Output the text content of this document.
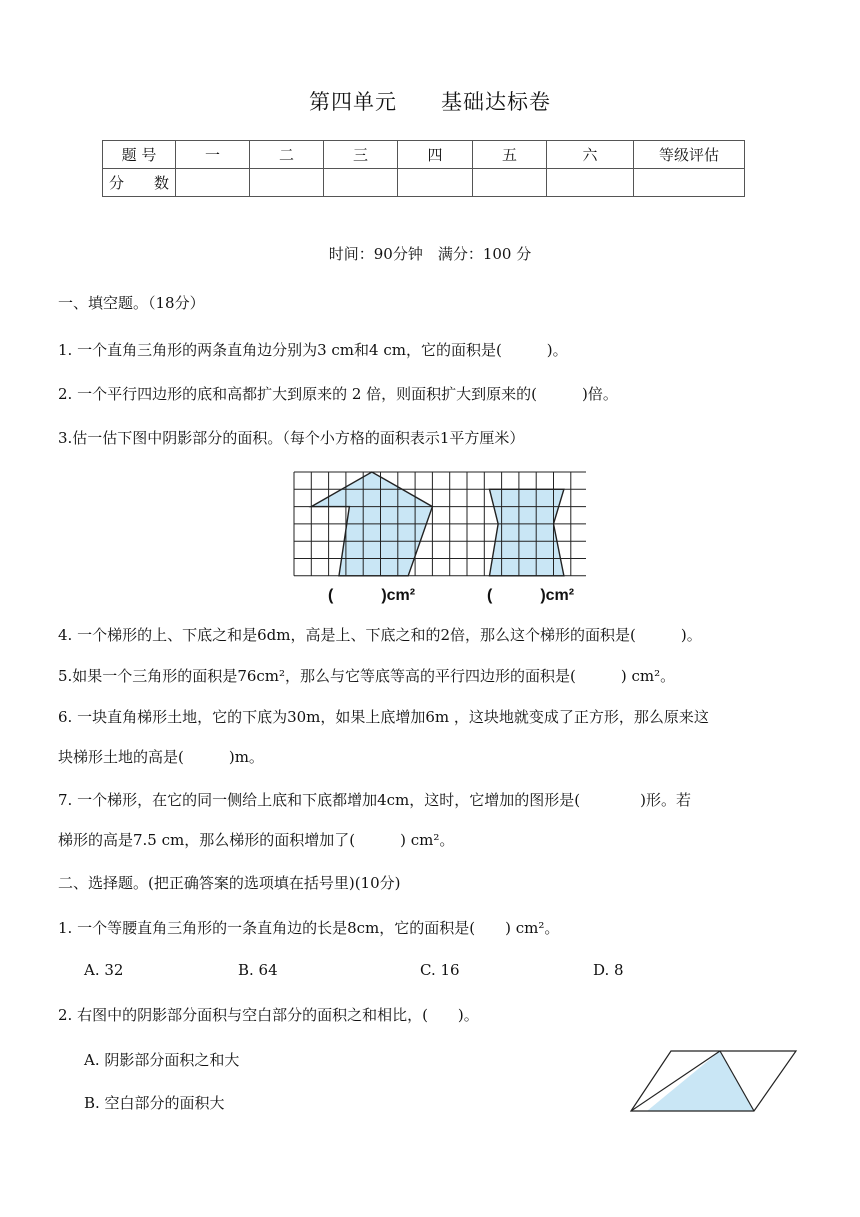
第四单元　　基础达标卷
题 号	一	二	三	四	五	六	等级评估
分　　数							
时间：90分钟　满分：100 分
一、填空题。（18分）
1. 一个直角三角形的两条直角边分别为3 cm和4 cm，它的面积是(　　　)。
2. 一个平行四边形的底和高都扩大到原来的 2 倍，则面积扩大到原来的(　　　)倍。
3.估一估下图中阴影部分的面积。（每个小方格的面积表示1平方厘米）
(　　　)cm²	(　　　)cm²
4. 一个梯形的上、下底之和是6dm，高是上、下底之和的2倍，那么这个梯形的面积是(　　　)。
5.如果一个三角形的面积是76cm²，那么与它等底等高的平行四边形的面积是(　　　) cm²。
6. 一块直角梯形土地，它的下底为30m，如果上底增加6m ，这块地就变成了正方形，那么原来这
块梯形土地的高是(　　　)m。
7. 一个梯形，在它的同一侧给上底和下底都增加4cm，这时，它增加的图形是(　　　　)形。若
梯形的高是7.5 cm，那么梯形的面积增加了(　　　) cm²。
二、选择题。(把正确答案的选项填在括号里)(10分)
1. 一个等腰直角三角形的一条直角边的长是8cm，它的面积是(　　) cm²。
A. 32	B. 64	C. 16	D. 8
2. 右图中的阴影部分面积与空白部分的面积之和相比，(　　)。
A. 阴影部分面积之和大
B. 空白部分的面积大
